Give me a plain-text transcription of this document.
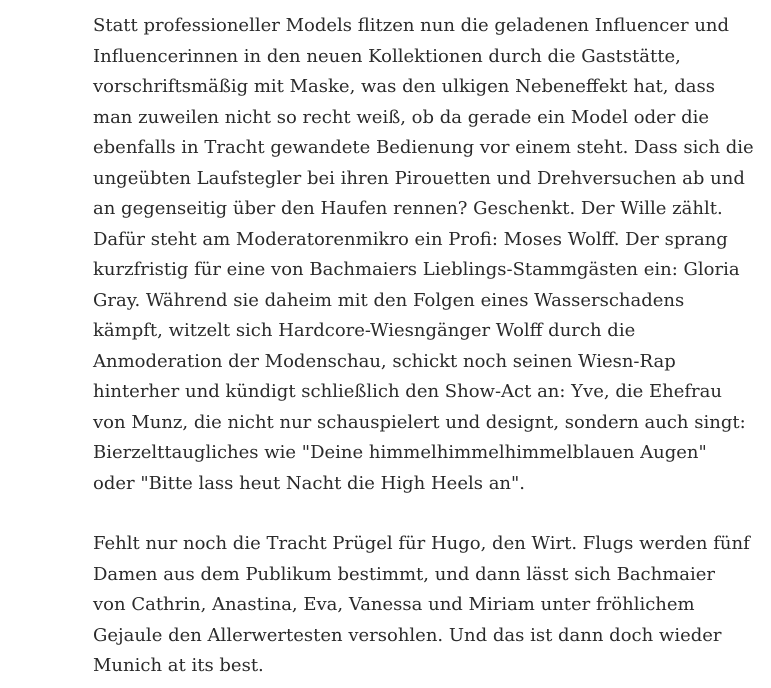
Statt professioneller Models flitzen nun die geladenen Influencer und
Influencerinnen in den neuen Kollektionen durch die Gaststätte,
vorschriftsmäßig mit Maske, was den ulkigen Nebeneffekt hat, dass
man zuweilen nicht so recht weiß, ob da gerade ein Model oder die
ebenfalls in Tracht gewandete Bedienung vor einem steht. Dass sich die
ungeübten Laufstegler bei ihren Pirouetten und Drehversuchen ab und
an gegenseitig über den Haufen rennen? Geschenkt. Der Wille zählt.
Dafür steht am Moderatorenmikro ein Profi: Moses Wolff. Der sprang
kurzfristig für eine von Bachmaiers Lieblings-Stammgästen ein: Gloria
Gray. Während sie daheim mit den Folgen eines Wasserschadens
kämpft, witzelt sich Hardcore-Wiesngänger Wolff durch die
Anmoderation der Modenschau, schickt noch seinen Wiesn-Rap
hinterher und kündigt schließlich den Show-Act an: Yve, die Ehefrau
von Munz, die nicht nur schauspielert und designt, sondern auch singt:
Bierzelttaugliches wie "Deine himmelhimmelhimmelblauen Augen"
oder "Bitte lass heut Nacht die High Heels an".

Fehlt nur noch die Tracht Prügel für Hugo, den Wirt. Flugs werden fünf
Damen aus dem Publikum bestimmt, und dann lässt sich Bachmaier
von Cathrin, Anastina, Eva, Vanessa und Miriam unter fröhlichem
Gejaule den Allerwertesten versohlen. Und das ist dann doch wieder
Munich at its best.
